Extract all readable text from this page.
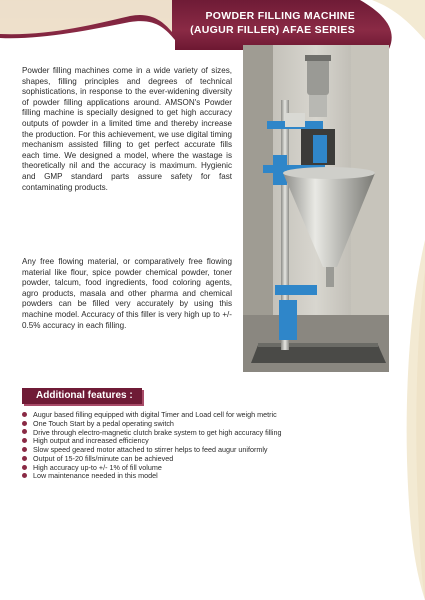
POWDER FILLING MACHINE
(AUGUR FILLER) AFAE SERIES

Powder filling machines come in a wide variety of sizes, shapes, filling principles and degrees of technical sophistications, in response to the ever-widening diversity of powder filling applications around. AMSON's Powder filling machine is specially designed to get high accuracy outputs of powder in a limited time and thereby increase the production. For this achievement, we use digital timing mechanism assisted filling to get perfect accurate fills each time. We designed a model, where the wastage is theoretically nil and the accuracy is maximum. Hygienic and GMP standard parts assure safety for fast contaminating products.

Any free flowing material, or comparatively free flowing material like flour, spice powder chemical powder, toner powder, talcum, food ingredients, food coloring agents, agro products, masala and other pharma and chemical powders can be filled very accurately by using this machine model. Accuracy of this filler is very high up to +/- 0.5% accuracy in each filling.

Additional features :
Augur based filling equipped with digital Timer and Load cell for weigh metric
One Touch Start by a pedal operating switch
Drive through electro-magnetic clutch brake system to get high accuracy filling
High output and increased efficiency
Slow speed geared motor attached to stirrer helps to feed augur uniformly
Output of 15-20 fills/minute can be achieved
High accuracy up-to +/- 1% of fill volume
Low maintenance needed in this model
